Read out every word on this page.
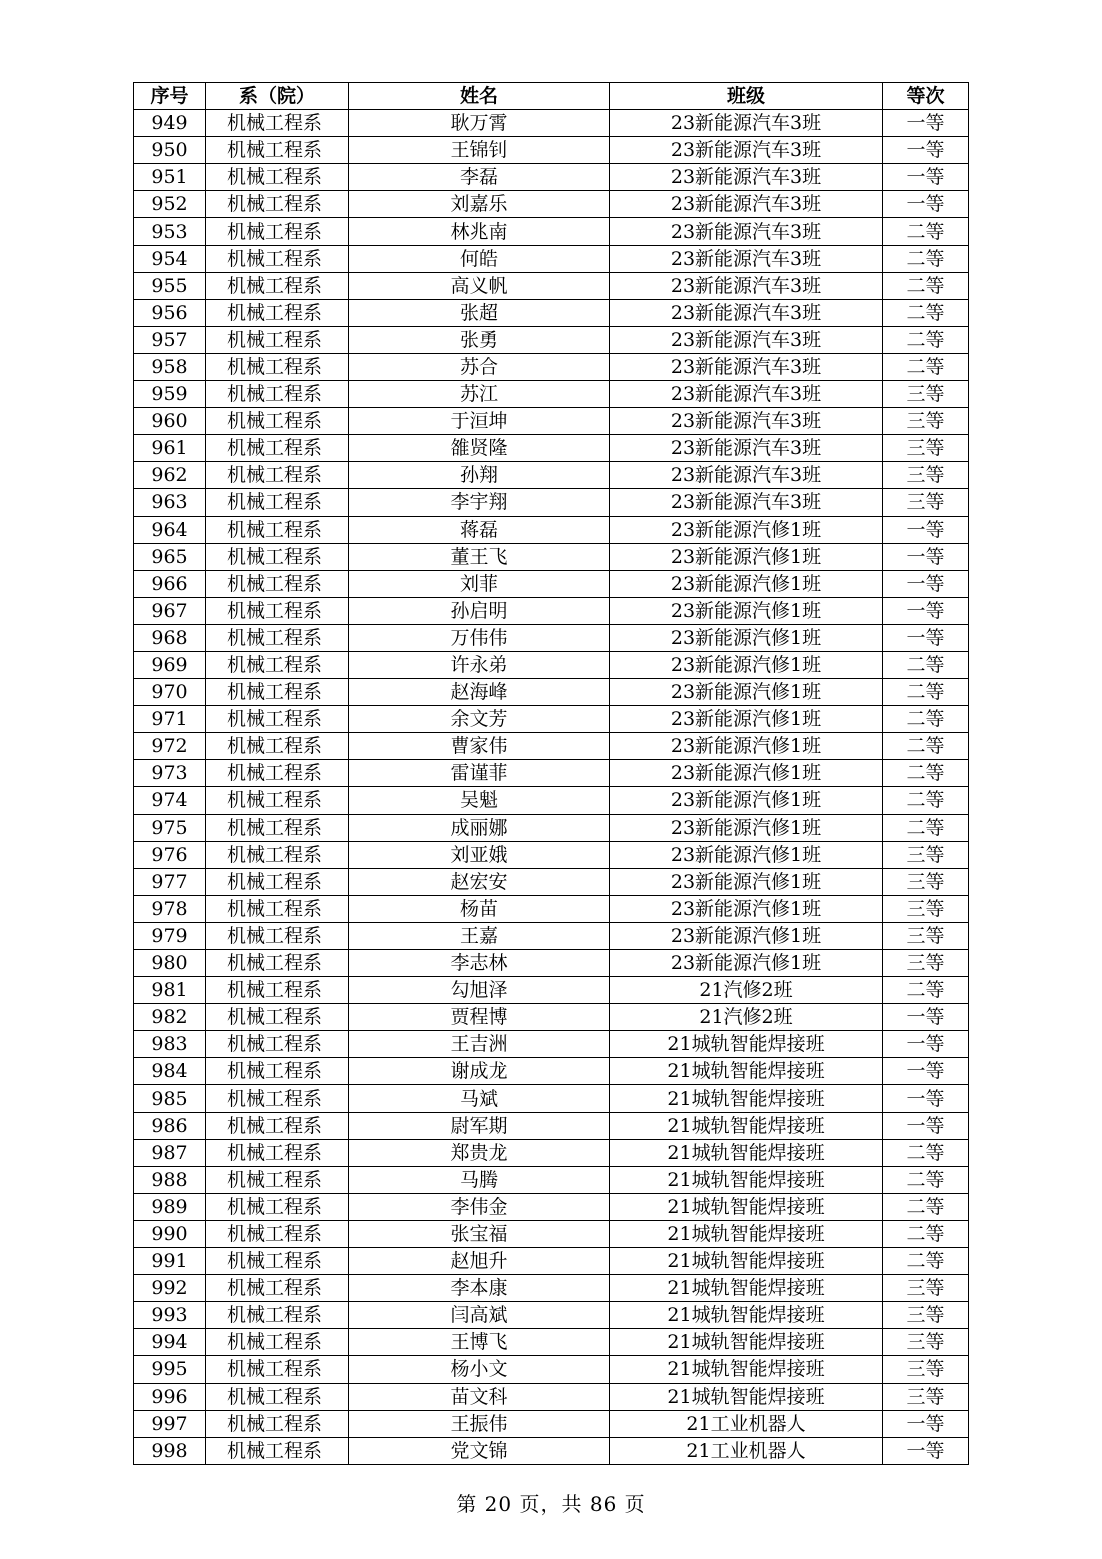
序号	系（院）	姓名	班级	等次
949	机械工程系	耿万霄	23新能源汽车3班	一等
950	机械工程系	王锦钊	23新能源汽车3班	一等
951	机械工程系	李磊	23新能源汽车3班	一等
952	机械工程系	刘嘉乐	23新能源汽车3班	一等
953	机械工程系	林兆南	23新能源汽车3班	二等
954	机械工程系	何皓	23新能源汽车3班	二等
955	机械工程系	高义帆	23新能源汽车3班	二等
956	机械工程系	张超	23新能源汽车3班	二等
957	机械工程系	张勇	23新能源汽车3班	二等
958	机械工程系	苏合	23新能源汽车3班	二等
959	机械工程系	苏江	23新能源汽车3班	三等
960	机械工程系	于洹坤	23新能源汽车3班	三等
961	机械工程系	雒贤隆	23新能源汽车3班	三等
962	机械工程系	孙翔	23新能源汽车3班	三等
963	机械工程系	李宇翔	23新能源汽车3班	三等
964	机械工程系	蒋磊	23新能源汽修1班	一等
965	机械工程系	董王飞	23新能源汽修1班	一等
966	机械工程系	刘菲	23新能源汽修1班	一等
967	机械工程系	孙启明	23新能源汽修1班	一等
968	机械工程系	万伟伟	23新能源汽修1班	一等
969	机械工程系	许永弟	23新能源汽修1班	二等
970	机械工程系	赵海峰	23新能源汽修1班	二等
971	机械工程系	余文芳	23新能源汽修1班	二等
972	机械工程系	曹家伟	23新能源汽修1班	二等
973	机械工程系	雷谨菲	23新能源汽修1班	二等
974	机械工程系	吴魁	23新能源汽修1班	二等
975	机械工程系	成丽娜	23新能源汽修1班	二等
976	机械工程系	刘亚娥	23新能源汽修1班	三等
977	机械工程系	赵宏安	23新能源汽修1班	三等
978	机械工程系	杨苗	23新能源汽修1班	三等
979	机械工程系	王嘉	23新能源汽修1班	三等
980	机械工程系	李志林	23新能源汽修1班	三等
981	机械工程系	勾旭泽	21汽修2班	二等
982	机械工程系	贾程博	21汽修2班	一等
983	机械工程系	王吉洲	21城轨智能焊接班	一等
984	机械工程系	谢成龙	21城轨智能焊接班	一等
985	机械工程系	马斌	21城轨智能焊接班	一等
986	机械工程系	尉军期	21城轨智能焊接班	一等
987	机械工程系	郑贵龙	21城轨智能焊接班	二等
988	机械工程系	马腾	21城轨智能焊接班	二等
989	机械工程系	李伟金	21城轨智能焊接班	二等
990	机械工程系	张宝福	21城轨智能焊接班	二等
991	机械工程系	赵旭升	21城轨智能焊接班	二等
992	机械工程系	李本康	21城轨智能焊接班	三等
993	机械工程系	闫高斌	21城轨智能焊接班	三等
994	机械工程系	王博飞	21城轨智能焊接班	三等
995	机械工程系	杨小文	21城轨智能焊接班	三等
996	机械工程系	苗文科	21城轨智能焊接班	三等
997	机械工程系	王振伟	21工业机器人	一等
998	机械工程系	党文锦	21工业机器人	一等
第 20 页，共 86 页
